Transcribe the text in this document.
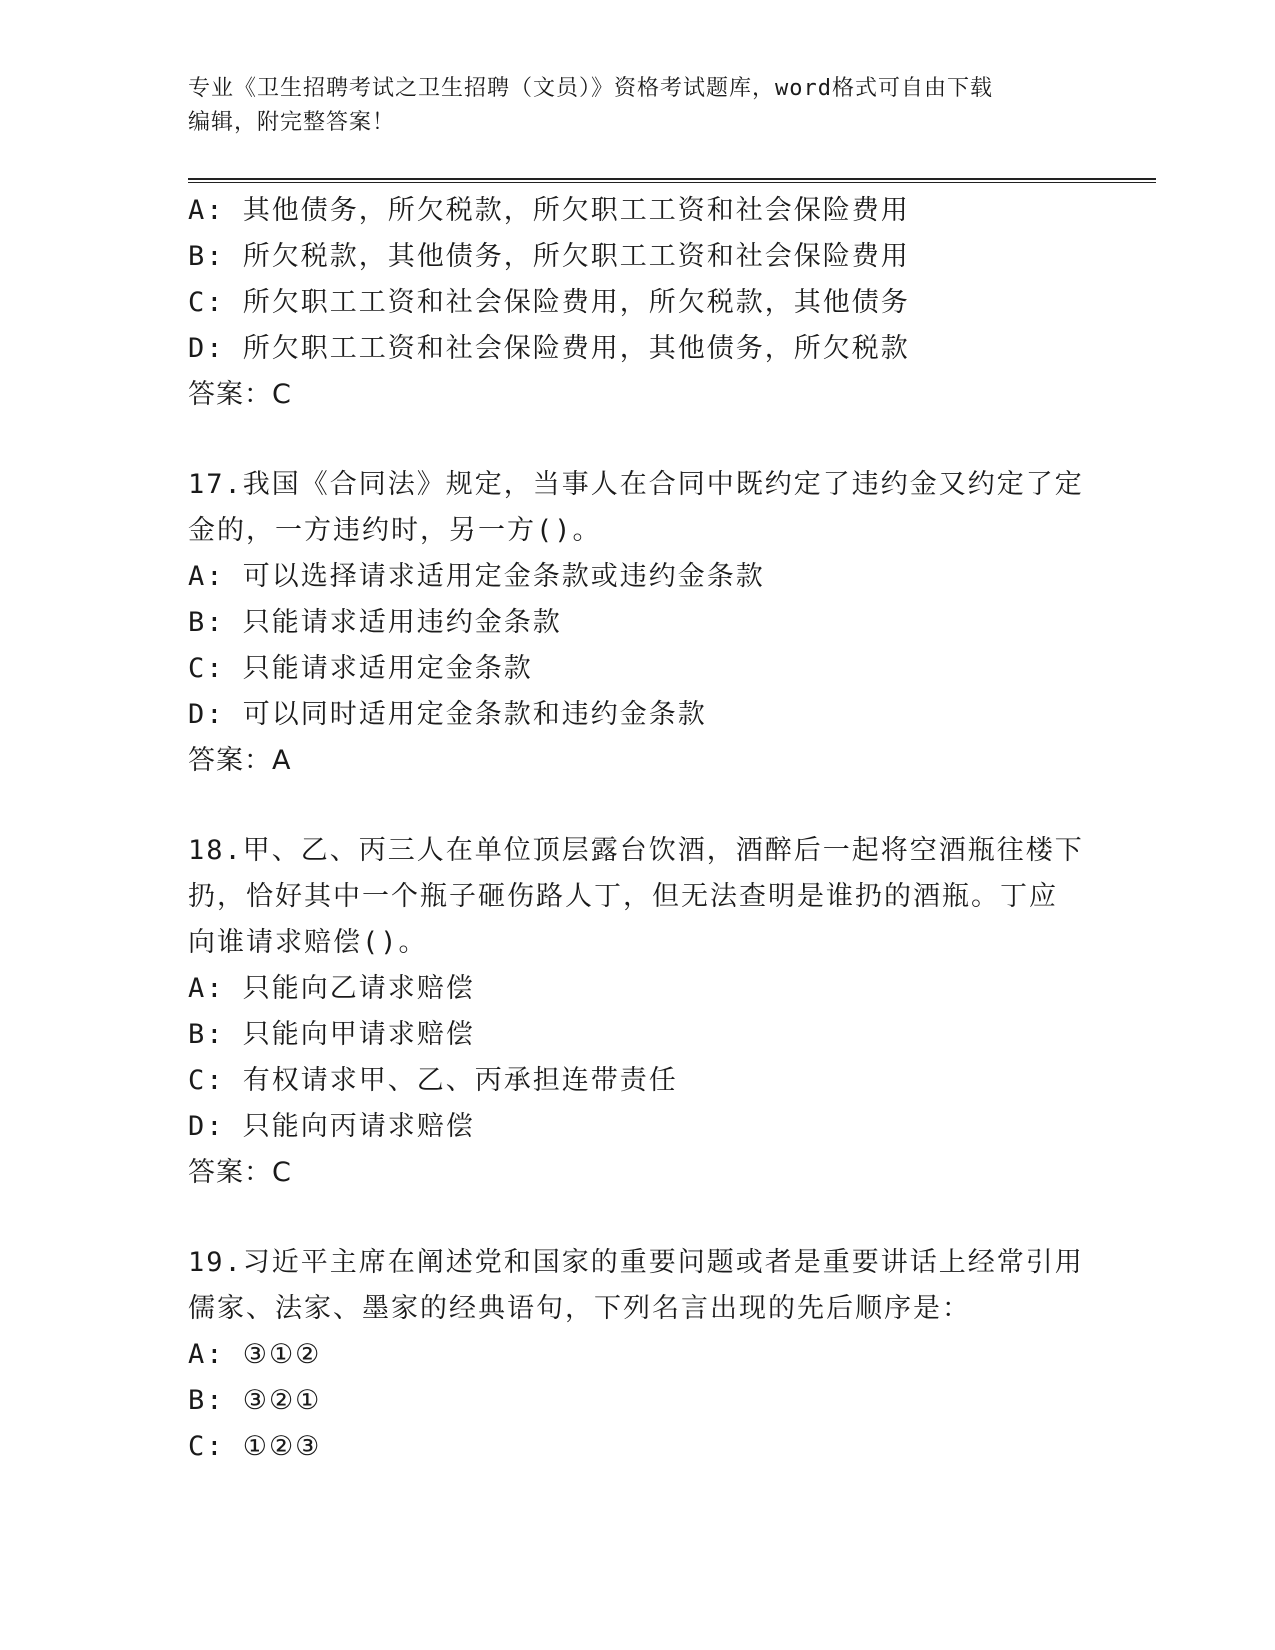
专业《卫生招聘考试之卫生招聘（文员）》资格考试题库，word格式可自由下载
编辑，附完整答案！
A: 其他债务，所欠税款，所欠职工工资和社会保险费用
B: 所欠税款，其他债务，所欠职工工资和社会保险费用
C: 所欠职工工资和社会保险费用，所欠税款，其他债务
D: 所欠职工工资和社会保险费用，其他债务，所欠税款
答案：C
17.我国《合同法》规定，当事人在合同中既约定了违约金又约定了定
金的，一方违约时，另一方()。
A: 可以选择请求适用定金条款或违约金条款
B: 只能请求适用违约金条款
C: 只能请求适用定金条款
D: 可以同时适用定金条款和违约金条款
答案：A
18.甲、乙、丙三人在单位顶层露台饮酒，酒醉后一起将空酒瓶往楼下
扔，恰好其中一个瓶子砸伤路人丁，但无法查明是谁扔的酒瓶。丁应
向谁请求赔偿()。
A: 只能向乙请求赔偿
B: 只能向甲请求赔偿
C: 有权请求甲、乙、丙承担连带责任
D: 只能向丙请求赔偿
答案：C
19.习近平主席在阐述党和国家的重要问题或者是重要讲话上经常引用
儒家、法家、墨家的经典语句，下列名言出现的先后顺序是：
A: ③①②
B: ③②①
C: ①②③
